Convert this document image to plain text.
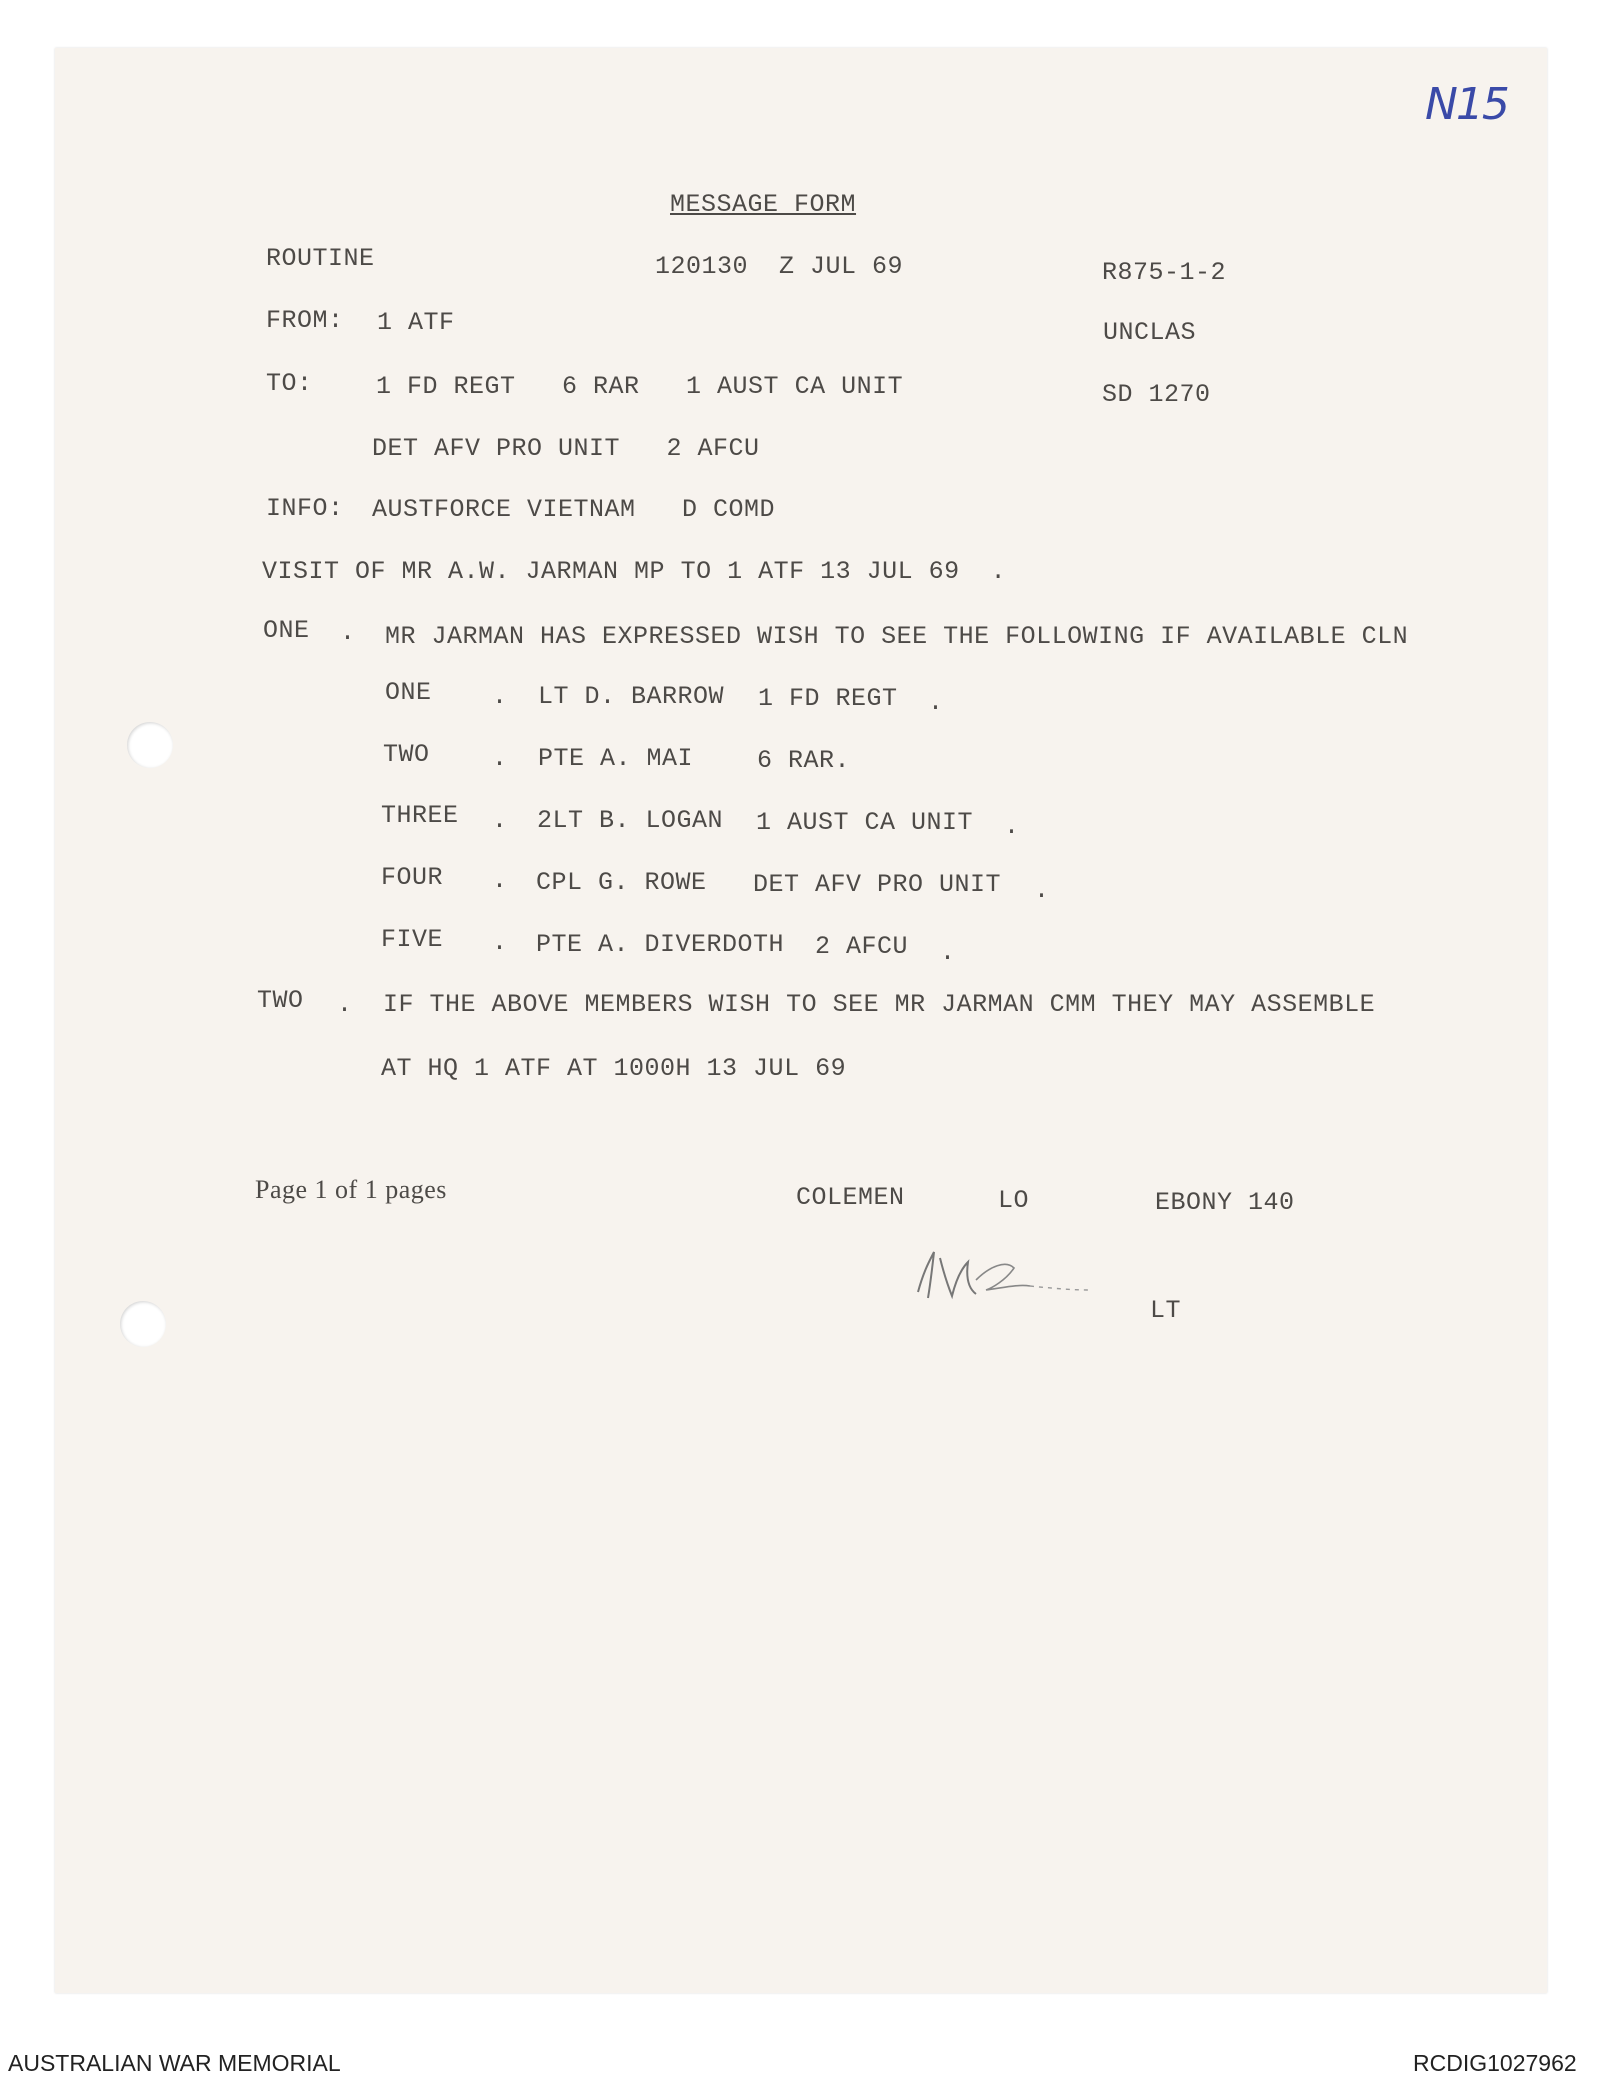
N15
MESSAGE FORM
ROUTINE	120130  Z JUL 69	R875-1-2
FROM: 1 ATF	UNCLAS
TO:	1 FD REGT   6 RAR   1 AUST CA UNIT	SD 1270
DET AFV PRO UNIT   2 AFCU
INFO: AUSTFORCE VIETNAM   D COMD
VISIT OF MR A.W. JARMAN MP TO 1 ATF 13 JUL 69  .
ONE . MR JARMAN HAS EXPRESSED WISH TO SEE THE FOLLOWING IF AVAILABLE CLN
ONE . LT D. BARROW 1 FD REGT .
TWO . PTE A. MAI	6 RAR.
THREE . 2LT B. LOGAN 1 AUST CA UNIT .
FOUR . CPL G. ROWE DET AFV PRO UNIT .
FIVE . PTE A. DIVERDOTH 2 AFCU .
TWO . IF THE ABOVE MEMBERS WISH TO SEE MR JARMAN CMM THEY MAY ASSEMBLE
AT HQ 1 ATF AT 1000H 13 JUL 69
Page 1 of 1 pages	COLEMEN	LO	EBONY 140
LT
AUSTRALIAN WAR MEMORIAL	RCDIG1027962
